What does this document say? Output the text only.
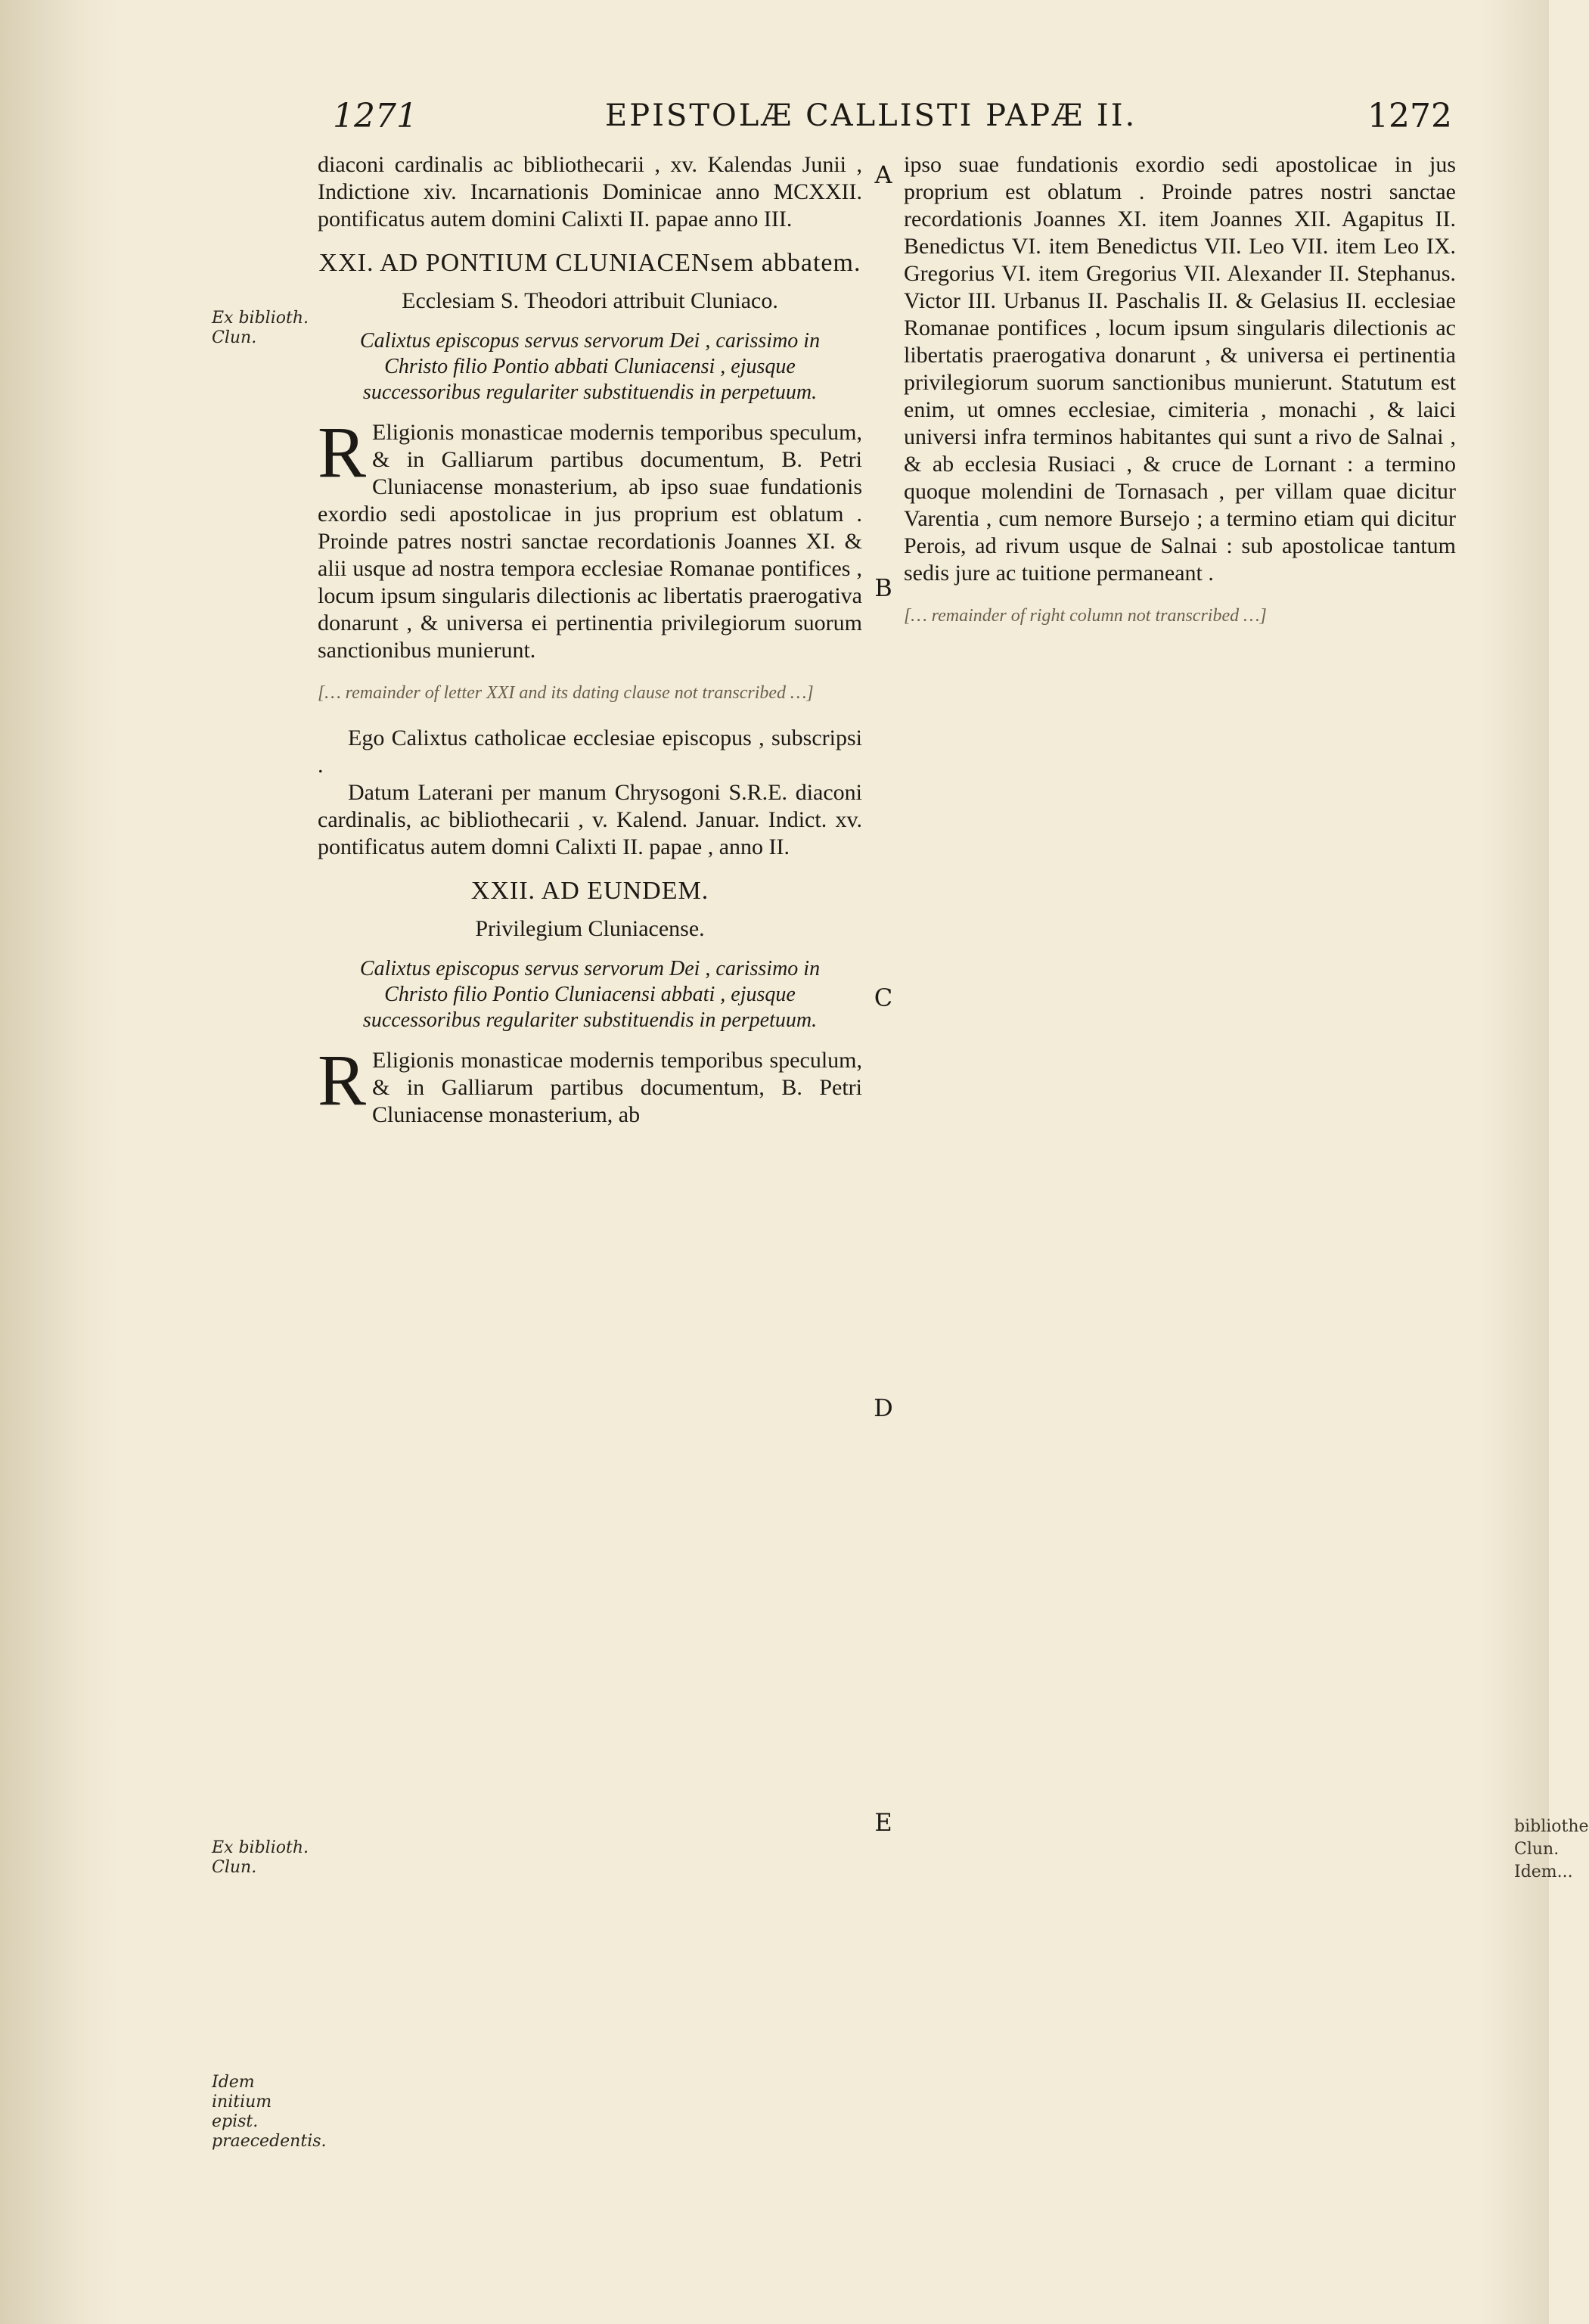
bibliothe Clun. Idem...
1271	EPISTOLÆ CALLISTI PAPÆ II.	1272
Ex biblioth. Clun.
Ex biblioth. Clun.
Idem initium epist. praecedentis.
A
B
C
D
E

diaconi cardinalis ac bibliothecarii , xv. Kalendas Junii , Indictione xiv. Incarnationis Dominicae anno MCXXII. pontificatus autem domini Calixti II. papae anno III.

XXI. AD PONTIUM CLUNIACENsem abbatem.
Ecclesiam S. Theodori attribuit Cluniaco.
Calixtus episcopus servus servorum Dei , carissimo in Christo filio Pontio abbati Cluniacensi , ejusque successoribus regulariter substituendis in perpetuum.

R Eligionis monasticae modernis temporibus speculum, & in Galliarum partibus documentum, B. Petri Cluniacense monasterium, ab ipso suae fundationis exordio sedi apostolicae in jus proprium est oblatum . Proinde patres nostri sanctae recordationis Joannes XI. & alii usque ad nostra tempora ecclesiae Romanae pontifices , locum ipsum singularis dilectionis ac libertatis praerogativa donarunt , & universa ei pertinentia privilegiorum suorum sanctionibus munierunt.

[… remainder of letter XXI and its dating clause not transcribed …]

Ego Calixtus catholicae ecclesiae episcopus , subscripsi .

Datum Laterani per manum Chrysogoni S.R.E. diaconi cardinalis, ac bibliothecarii , v. Kalend. Januar. Indict. xv. pontificatus autem domni Calixti II. papae , anno II.

XXII. AD EUNDEM.
Privilegium Cluniacense.
Calixtus episcopus servus servorum Dei , carissimo in Christo filio Pontio Cluniacensi abbati , ejusque successoribus regulariter substituendis in perpetuum.

R Eligionis monasticae modernis temporibus speculum, & in Galliarum partibus documentum, B. Petri Cluniacense monasterium, ab

ipso suae fundationis exordio sedi apostolicae in jus proprium est oblatum . Proinde patres nostri sanctae recordationis Joannes XI. item Joannes XII. Agapitus II. Benedictus VI. item Benedictus VII. Leo VII. item Leo IX. Gregorius VI. item Gregorius VII. Alexander II. Stephanus. Victor III. Urbanus II. Paschalis II. & Gelasius II. ecclesiae Romanae pontifices , locum ipsum singularis dilectionis ac libertatis praerogativa donarunt , & universa ei pertinentia privilegiorum suorum sanctionibus munierunt. Statutum est enim, ut omnes ecclesiae, cimiteria , monachi , & laici universi infra terminos habitantes qui sunt a rivo de Salnai , & ab ecclesia Rusiaci , & cruce de Lornant : a termino quoque molendini de Tornasach , per villam quae dicitur Varentia , cum nemore Bursejo ; a termino etiam qui dicitur Perois, ad rivum usque de Salnai : sub apostolicae tantum sedis jure ac tuitione permaneant .

[… remainder of right column not transcribed …]
